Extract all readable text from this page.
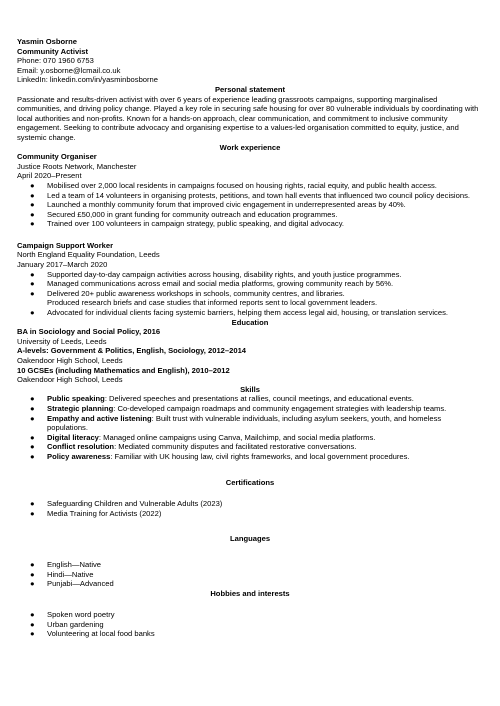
Yasmin Osborne

Community Activist

Phone: 070 1960 6753

Email: y.osborne@lcmail.co.uk

LinkedIn: linkedin.com/in/yasminbosborne

Personal statement

Passionate and results-driven activist with over 6 years of experience leading grassroots campaigns, supporting marginalised communities, and driving policy change. Played a key role in securing safe housing for over 80 vulnerable individuals by coordinating with local authorities and non-profits. Known for a hands-on approach, clear communication, and commitment to inclusive community engagement. Seeking to contribute advocacy and organising expertise to a values-led organisation committed to equity, justice, and systemic change.

Work experience

Community Organiser

Justice Roots Network, Manchester

April 2020–Present

● Mobilised over 2,000 local residents in campaigns focused on housing rights, racial equity, and public health access.
● Led a team of 14 volunteers in organising protests, petitions, and town hall events that influenced two council policy decisions.
● Launched a monthly community forum that improved civic engagement in underrepresented areas by 40%.
● Secured £50,000 in grant funding for community outreach and education programmes.
● Trained over 100 volunteers in campaign strategy, public speaking, and digital advocacy.

Campaign Support Worker

North England Equality Foundation, Leeds

January 2017–March 2020

● Supported day-to-day campaign activities across housing, disability rights, and youth justice programmes.
● Managed communications across email and social media platforms, growing community reach by 56%.
● Delivered 20+ public awareness workshops in schools, community centres, and libraries.
Produced research briefs and case studies that informed reports sent to local government leaders.
● Advocated for individual clients facing systemic barriers, helping them access legal aid, housing, or translation services.

Education

BA in Sociology and Social Policy, 2016

University of Leeds, Leeds

A-levels: Government & Politics, English, Sociology, 2012–2014

Oakendoor High School, Leeds

10 GCSEs (including Mathematics and English), 2010–2012

Oakendoor High School, Leeds

Skills

● Public speaking: Delivered speeches and presentations at rallies, council meetings, and educational events.
● Strategic planning: Co-developed campaign roadmaps and community engagement strategies with leadership teams.
● Empathy and active listening: Built trust with vulnerable individuals, including asylum seekers, youth, and homeless populations.
● Digital literacy: Managed online campaigns using Canva, Mailchimp, and social media platforms.
● Conflict resolution: Mediated community disputes and facilitated restorative conversations.
● Policy awareness: Familiar with UK housing law, civil rights frameworks, and local government procedures.

Certifications

● Safeguarding Children and Vulnerable Adults (2023)
● Media Training for Activists (2022)

Languages

● English—Native
● Hindi—Native
● Punjabi—Advanced

Hobbies and interests

● Spoken word poetry
● Urban gardening
● Volunteering at local food banks
